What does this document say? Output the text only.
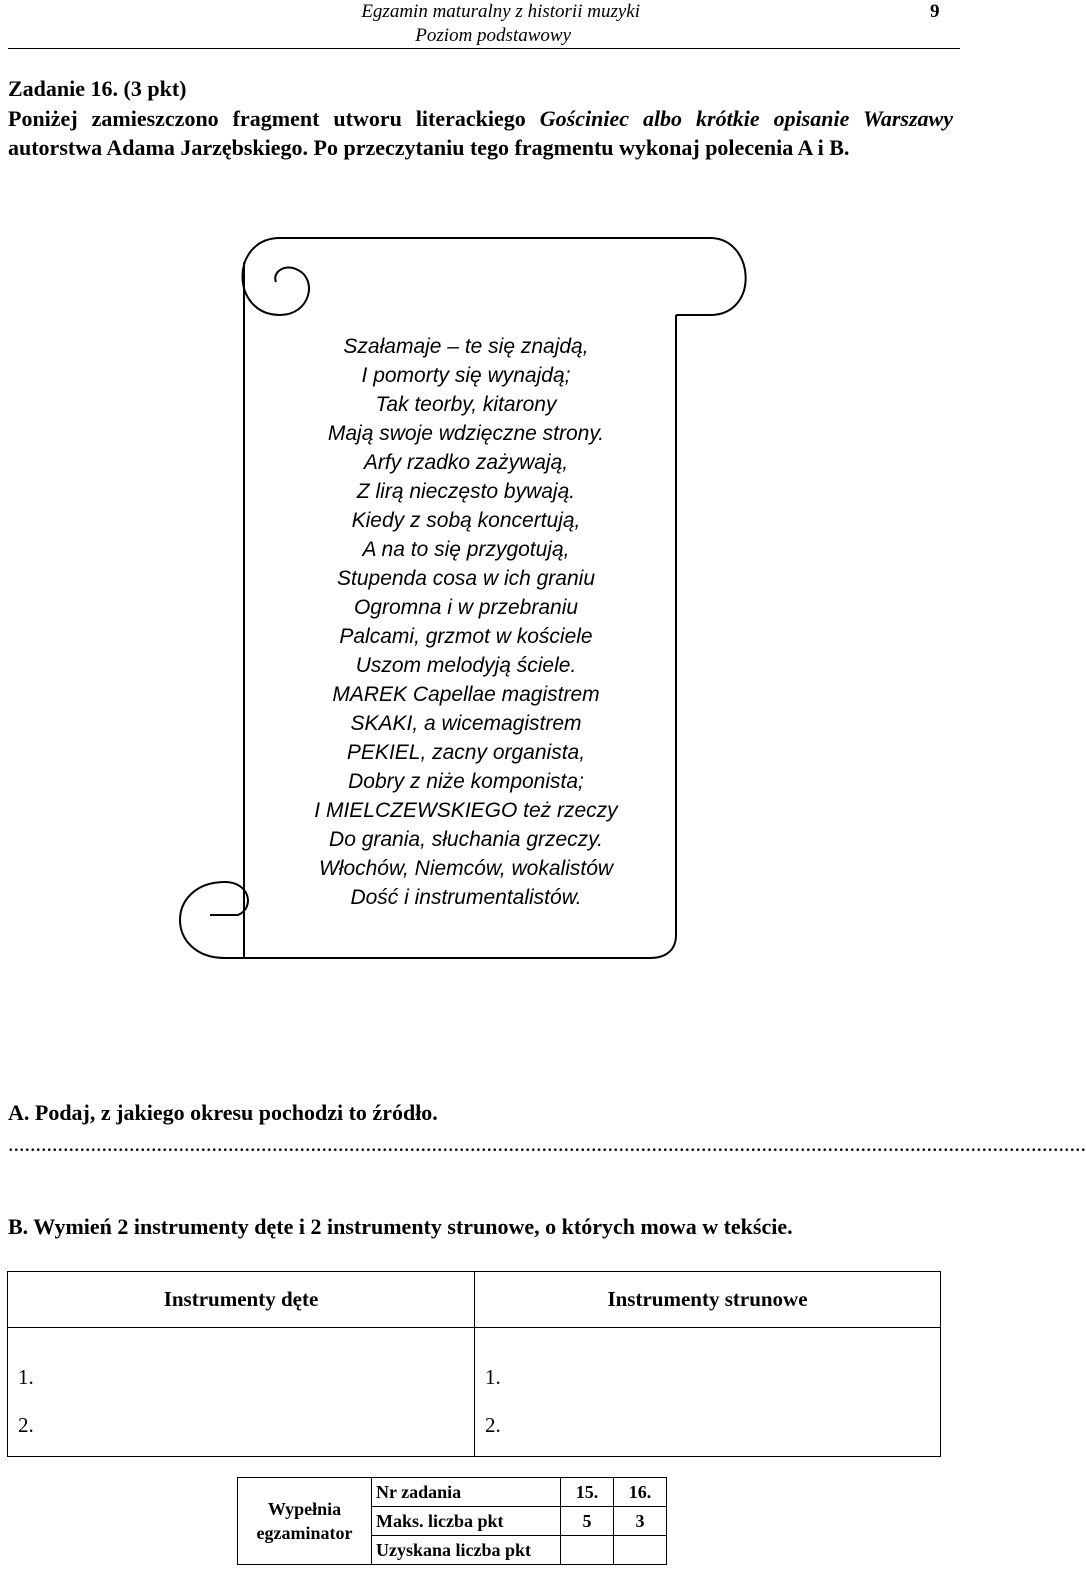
Egzamin maturalny z historii muzyki
Poziom podstawowy
9
Zadanie 16. (3 pkt)
Poniżej zamieszczono fragment utworu literackiego Gościniec albo krótkie opisanie Warszawy autorstwa Adama Jarzębskiego. Po przeczytaniu tego fragmentu wykonaj polecenia A i B.
Szałamaje – te się znajdą,
I pomorty się wynajdą;
Tak teorby, kitarony
Mają swoje wdzięczne strony.
Arfy rzadko zażywają,
Z lirą nieczęsto bywają.
Kiedy z sobą koncertują,
A na to się przygotują,
Stupenda cosa w ich graniu
Ogromna i w przebraniu
Palcami, grzmot w kościele
Uszom melodyją ściele.
MAREK Capellae magistrem
SKAKI, a wicemagistrem
PEKIEL, zacny organista,
Dobry z niże komponista;
I MIELCZEWSKIEGO też rzeczy
Do grania, słuchania grzeczy.
Włochów, Niemców, wokalistów
Dość i instrumentalistów.
A. Podaj, z jakiego okresu pochodzi to źródło.
....................................................................................................................................................................................................
B. Wymień 2 instrumenty dęte i 2 instrumenty strunowe, o których mowa w tekście.
Instrumenty dęte	Instrumenty strunowe
1.	1.
2.	2.
Wypełnia egzaminator	Nr zadania	15.	16.
	Maks. liczba pkt	5	3
	Uzyskana liczba pkt		
